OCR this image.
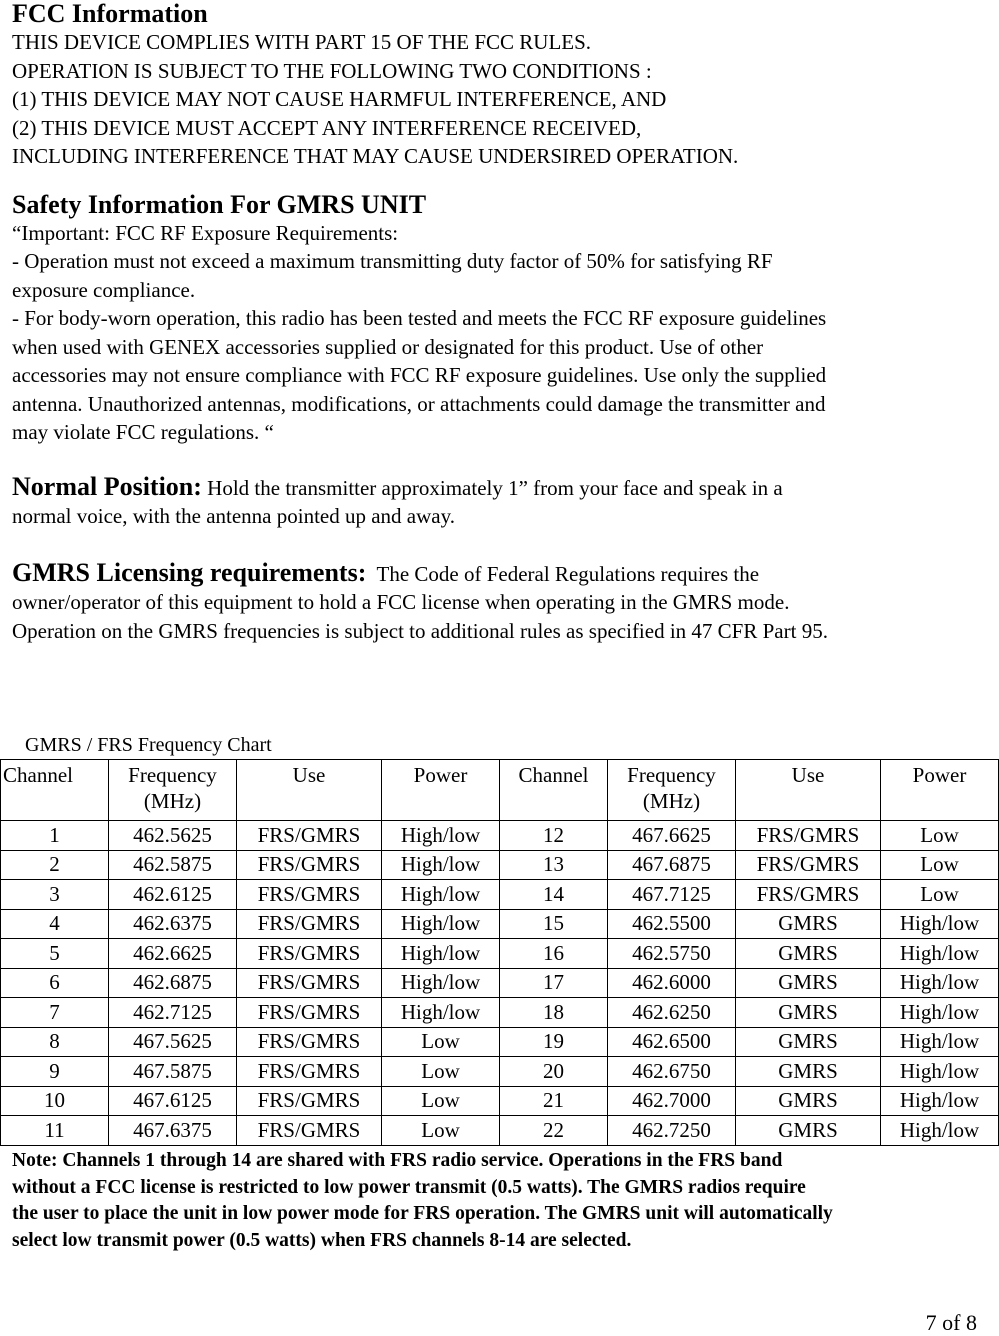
FCC Information
THIS DEVICE COMPLIES WITH PART 15 OF THE FCC RULES.
OPERATION IS SUBJECT TO THE FOLLOWING TWO CONDITIONS :
(1) THIS DEVICE MAY NOT CAUSE HARMFUL INTERFERENCE, AND
(2) THIS DEVICE MUST ACCEPT ANY INTERFERENCE RECEIVED,
INCLUDING INTERFERENCE THAT MAY CAUSE UNDERSIRED OPERATION.
Safety Information For GMRS UNIT
“Important: FCC RF Exposure Requirements:
- Operation must not exceed a maximum transmitting duty factor of 50% for satisfying RF
exposure compliance.
- For body-worn operation, this radio has been tested and meets the FCC RF exposure guidelines
when used with GENEX accessories supplied or designated for this product. Use of other
accessories may not ensure compliance with FCC RF exposure guidelines. Use only the supplied
antenna. Unauthorized antennas, modifications, or attachments could damage the transmitter and
may violate FCC regulations. “
Normal Position: Hold the transmitter approximately 1” from your face and speak in a
normal voice, with the antenna pointed up and away.
GMRS Licensing requirements:  The Code of Federal Regulations requires the
owner/operator of this equipment to hold a FCC license when operating in the GMRS mode.
Operation on the GMRS frequencies is subject to additional rules as specified in 47 CFR Part 95.
GMRS / FRS Frequency Chart
Channel	Frequency (MHz)	Use	Power	Channel	Frequency (MHz)	Use	Power
1	462.5625	FRS/GMRS	High/low	12	467.6625	FRS/GMRS	Low
2	462.5875	FRS/GMRS	High/low	13	467.6875	FRS/GMRS	Low
3	462.6125	FRS/GMRS	High/low	14	467.7125	FRS/GMRS	Low
4	462.6375	FRS/GMRS	High/low	15	462.5500	GMRS	High/low
5	462.6625	FRS/GMRS	High/low	16	462.5750	GMRS	High/low
6	462.6875	FRS/GMRS	High/low	17	462.6000	GMRS	High/low
7	462.7125	FRS/GMRS	High/low	18	462.6250	GMRS	High/low
8	467.5625	FRS/GMRS	Low	19	462.6500	GMRS	High/low
9	467.5875	FRS/GMRS	Low	20	462.6750	GMRS	High/low
10	467.6125	FRS/GMRS	Low	21	462.7000	GMRS	High/low
11	467.6375	FRS/GMRS	Low	22	462.7250	GMRS	High/low
Note: Channels 1 through 14 are shared with FRS radio service. Operations in the FRS band
without a FCC license is restricted to low power transmit (0.5 watts). The GMRS radios require
the user to place the unit in low power mode for FRS operation. The GMRS unit will automatically
select low transmit power (0.5 watts) when FRS channels 8-14 are selected.
7 of 8
